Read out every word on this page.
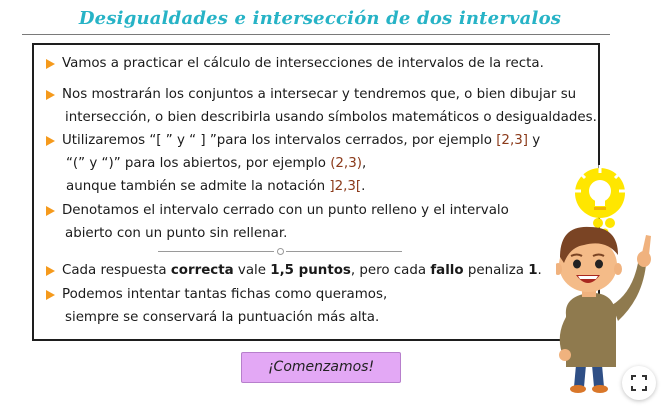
Desigualdades e intersección de dos intervalos
Vamos a practicar el cálculo de intersecciones de intervalos de la recta.
Nos mostrarán los conjuntos a intersecar y tendremos que, o bien dibujar su
intersección, o bien describirla usando símbolos matemáticos o desigualdades.
Utilizaremos “[ ” y “ ] ”para los intervalos cerrados, por ejemplo [2,3] y
“(” y “)” para los abiertos, por ejemplo (2,3),
aunque también se admite la notación ]2,3[.
Denotamos el intervalo cerrado con un punto relleno y el intervalo
abierto con un punto sin rellenar.
Cada respuesta correcta vale 1,5 puntos, pero cada fallo penaliza 1.
Podemos intentar tantas fichas como queramos,
siempre se conservará la puntuación más alta.
¡Comenzamos!
